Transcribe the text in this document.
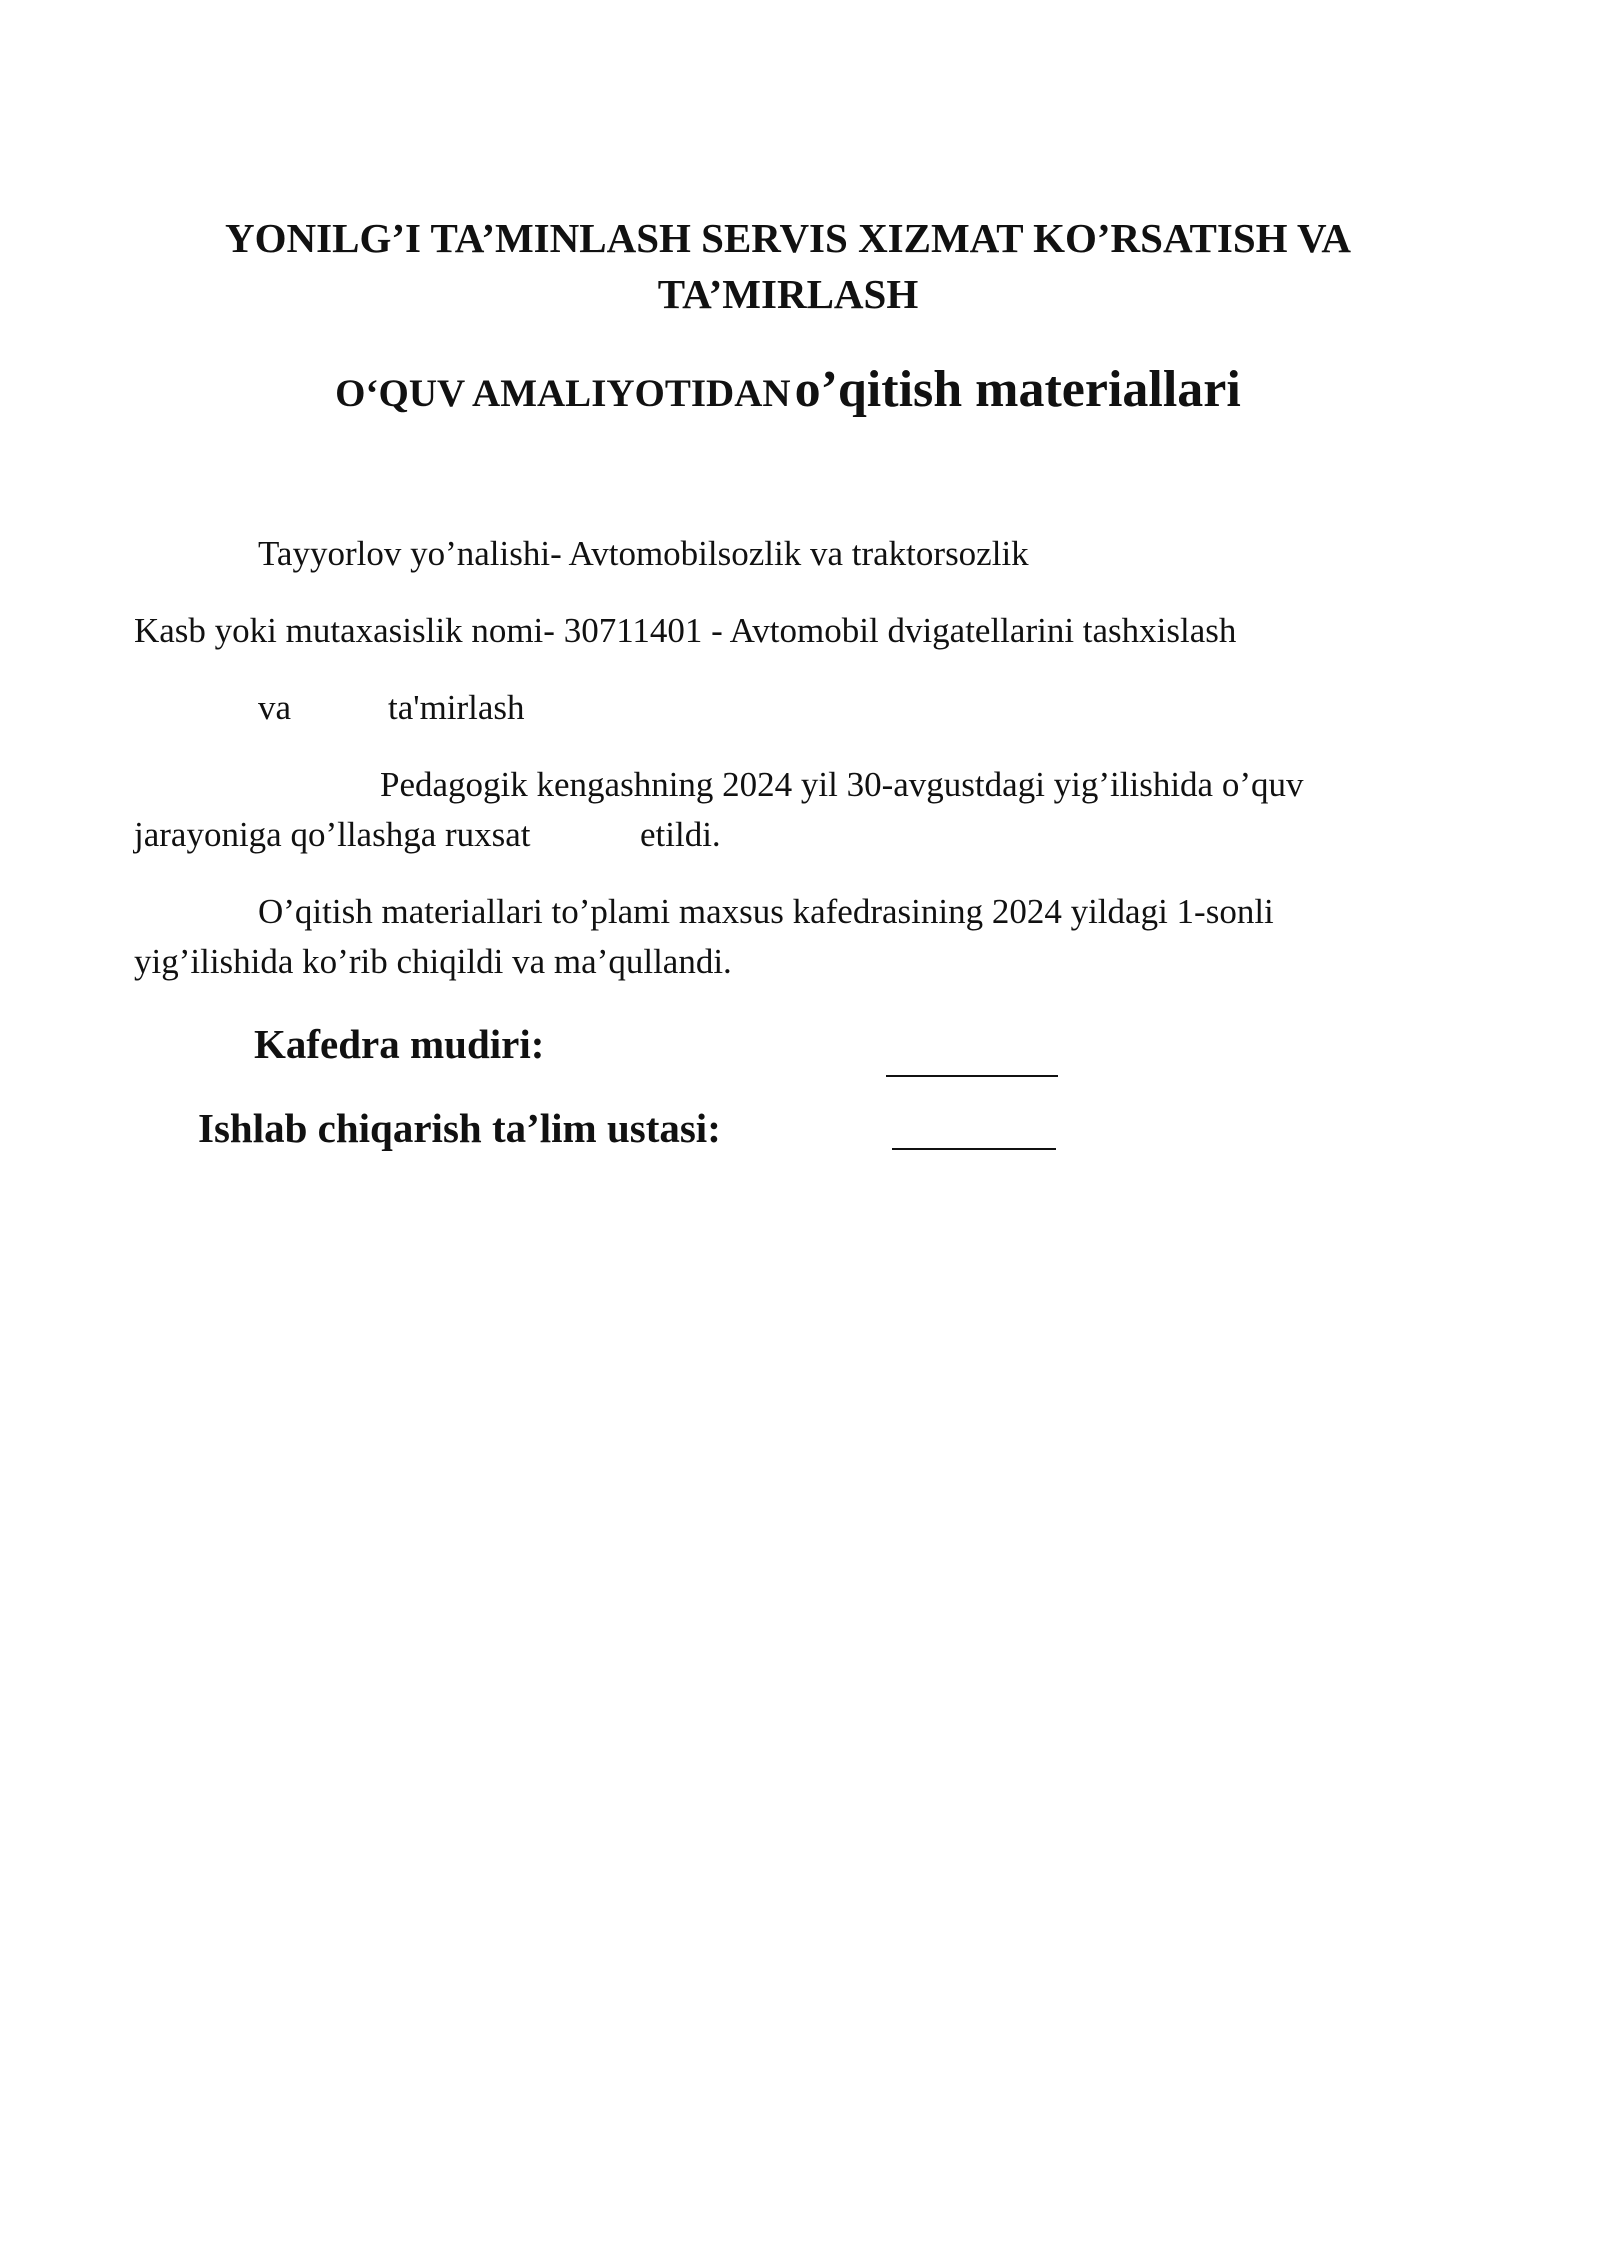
YONILG’I TA’MINLASH SERVIS XIZMAT KO’RSATISH VA
TA’MIRLASH
O‘QUV AMALIYOTIDAN o’qitish materiallari
Tayyorlov yo’nalishi- Avtomobilsozlik va traktorsozlik
Kasb yoki mutaxasislik nomi- 30711401 - Avtomobil dvigatellarini tashxislash
va	ta'mirlash
Pedagogik kengashning 2024 yil 30-avgustdagi yig’ilishida o’quv
jarayoniga qo’llashga ruxsat	etildi.
O’qitish materiallari to’plami maxsus kafedrasining 2024 yildagi 1-sonli
yig’ilishida ko’rib chiqildi va ma’qullandi.
Kafedra mudiri:
Ishlab chiqarish ta’lim ustasi:
